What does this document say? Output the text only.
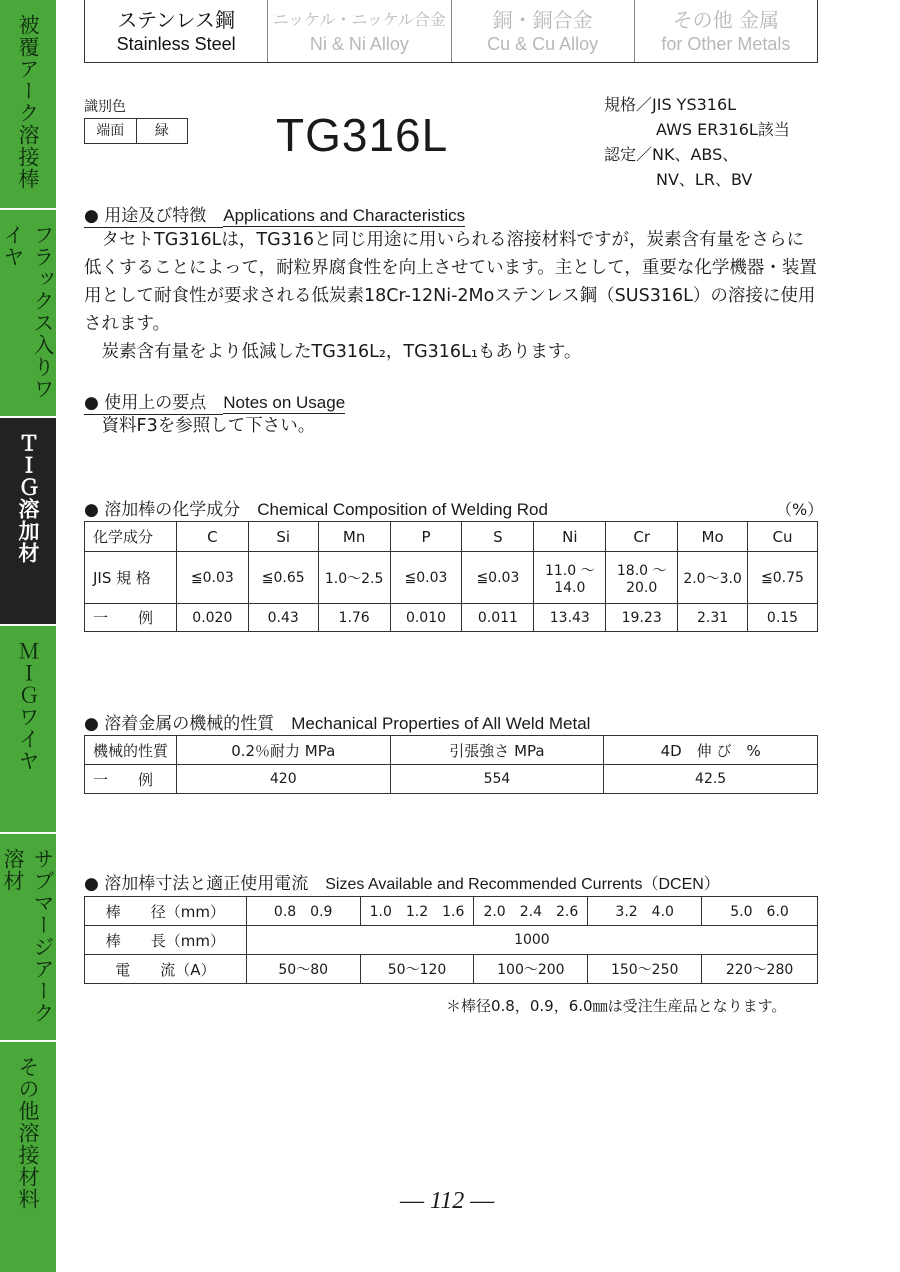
被覆アーク溶接棒
フラックス入りワイヤ
ＴＩＧ溶加材
ＭＩＧワイヤ
サブマージアーク溶材
その他溶接材料
ステンレス鋼
Stainless Steel
ニッケル・ニッケル合金
Ni & Ni Alloy
銅・銅合金
Cu & Cu Alloy
その他 金属
for Other Metals
識別色
端面	緑	TG316L
規格／JIS YS316L
AWS ER316L該当
認定／NK、ABS、
NV、LR、BV
● 用途及び特徴　 Applications and Characteristics
　タセトTG316Lは，TG316と同じ用途に用いられる溶接材料ですが，炭素含有量をさらに低くすることによって，耐粒界腐食性を向上させています。主として，重要な化学機器・装置用として耐食性が要求される低炭素18Cr-12Ni-2Moステンレス鋼（SUS316L）の溶接に使用されます。
　炭素含有量をより低減したTG316L₂，TG316L₁もあります。
● 使用上の要点　 Notes on Usage
　資料F3を参照して下さい。
● 溶加棒の化学成分　 Chemical Composition of Welding Rod	（%）
化学成分	C	Si	Mn	P	S	Ni	Cr	Mo	Cu
JIS 規 格	≦0.03	≦0.65	1.0～2.5	≦0.03	≦0.03	11.0 ～14.0	18.0 ～20.0	2.0～3.0	≦0.75
一　　例	0.020	0.43	1.76	0.010	0.011	13.43	19.23	2.31	0.15
● 溶着金属の機械的性質　 Mechanical Properties of All Weld Metal
機械的性質	0.2％耐力 MPa	引張強さ MPa	4D　伸 び　%
一　　例	420	554	42.5
● 溶加棒寸法と適正使用電流　 Sizes Available and Recommended Currents（DCEN）
棒　　径（mm）	0.8　0.9	1.0　1.2　1.6	2.0　2.4　2.6	3.2　4.0	5.0　6.0
棒　　長（mm）	1000				
電　　流（A）	50～80	50～120	100～200	150～250	220～280
＊棒径0.8，0.9，6.0㎜は受注生産品となります。
― 112 ―
